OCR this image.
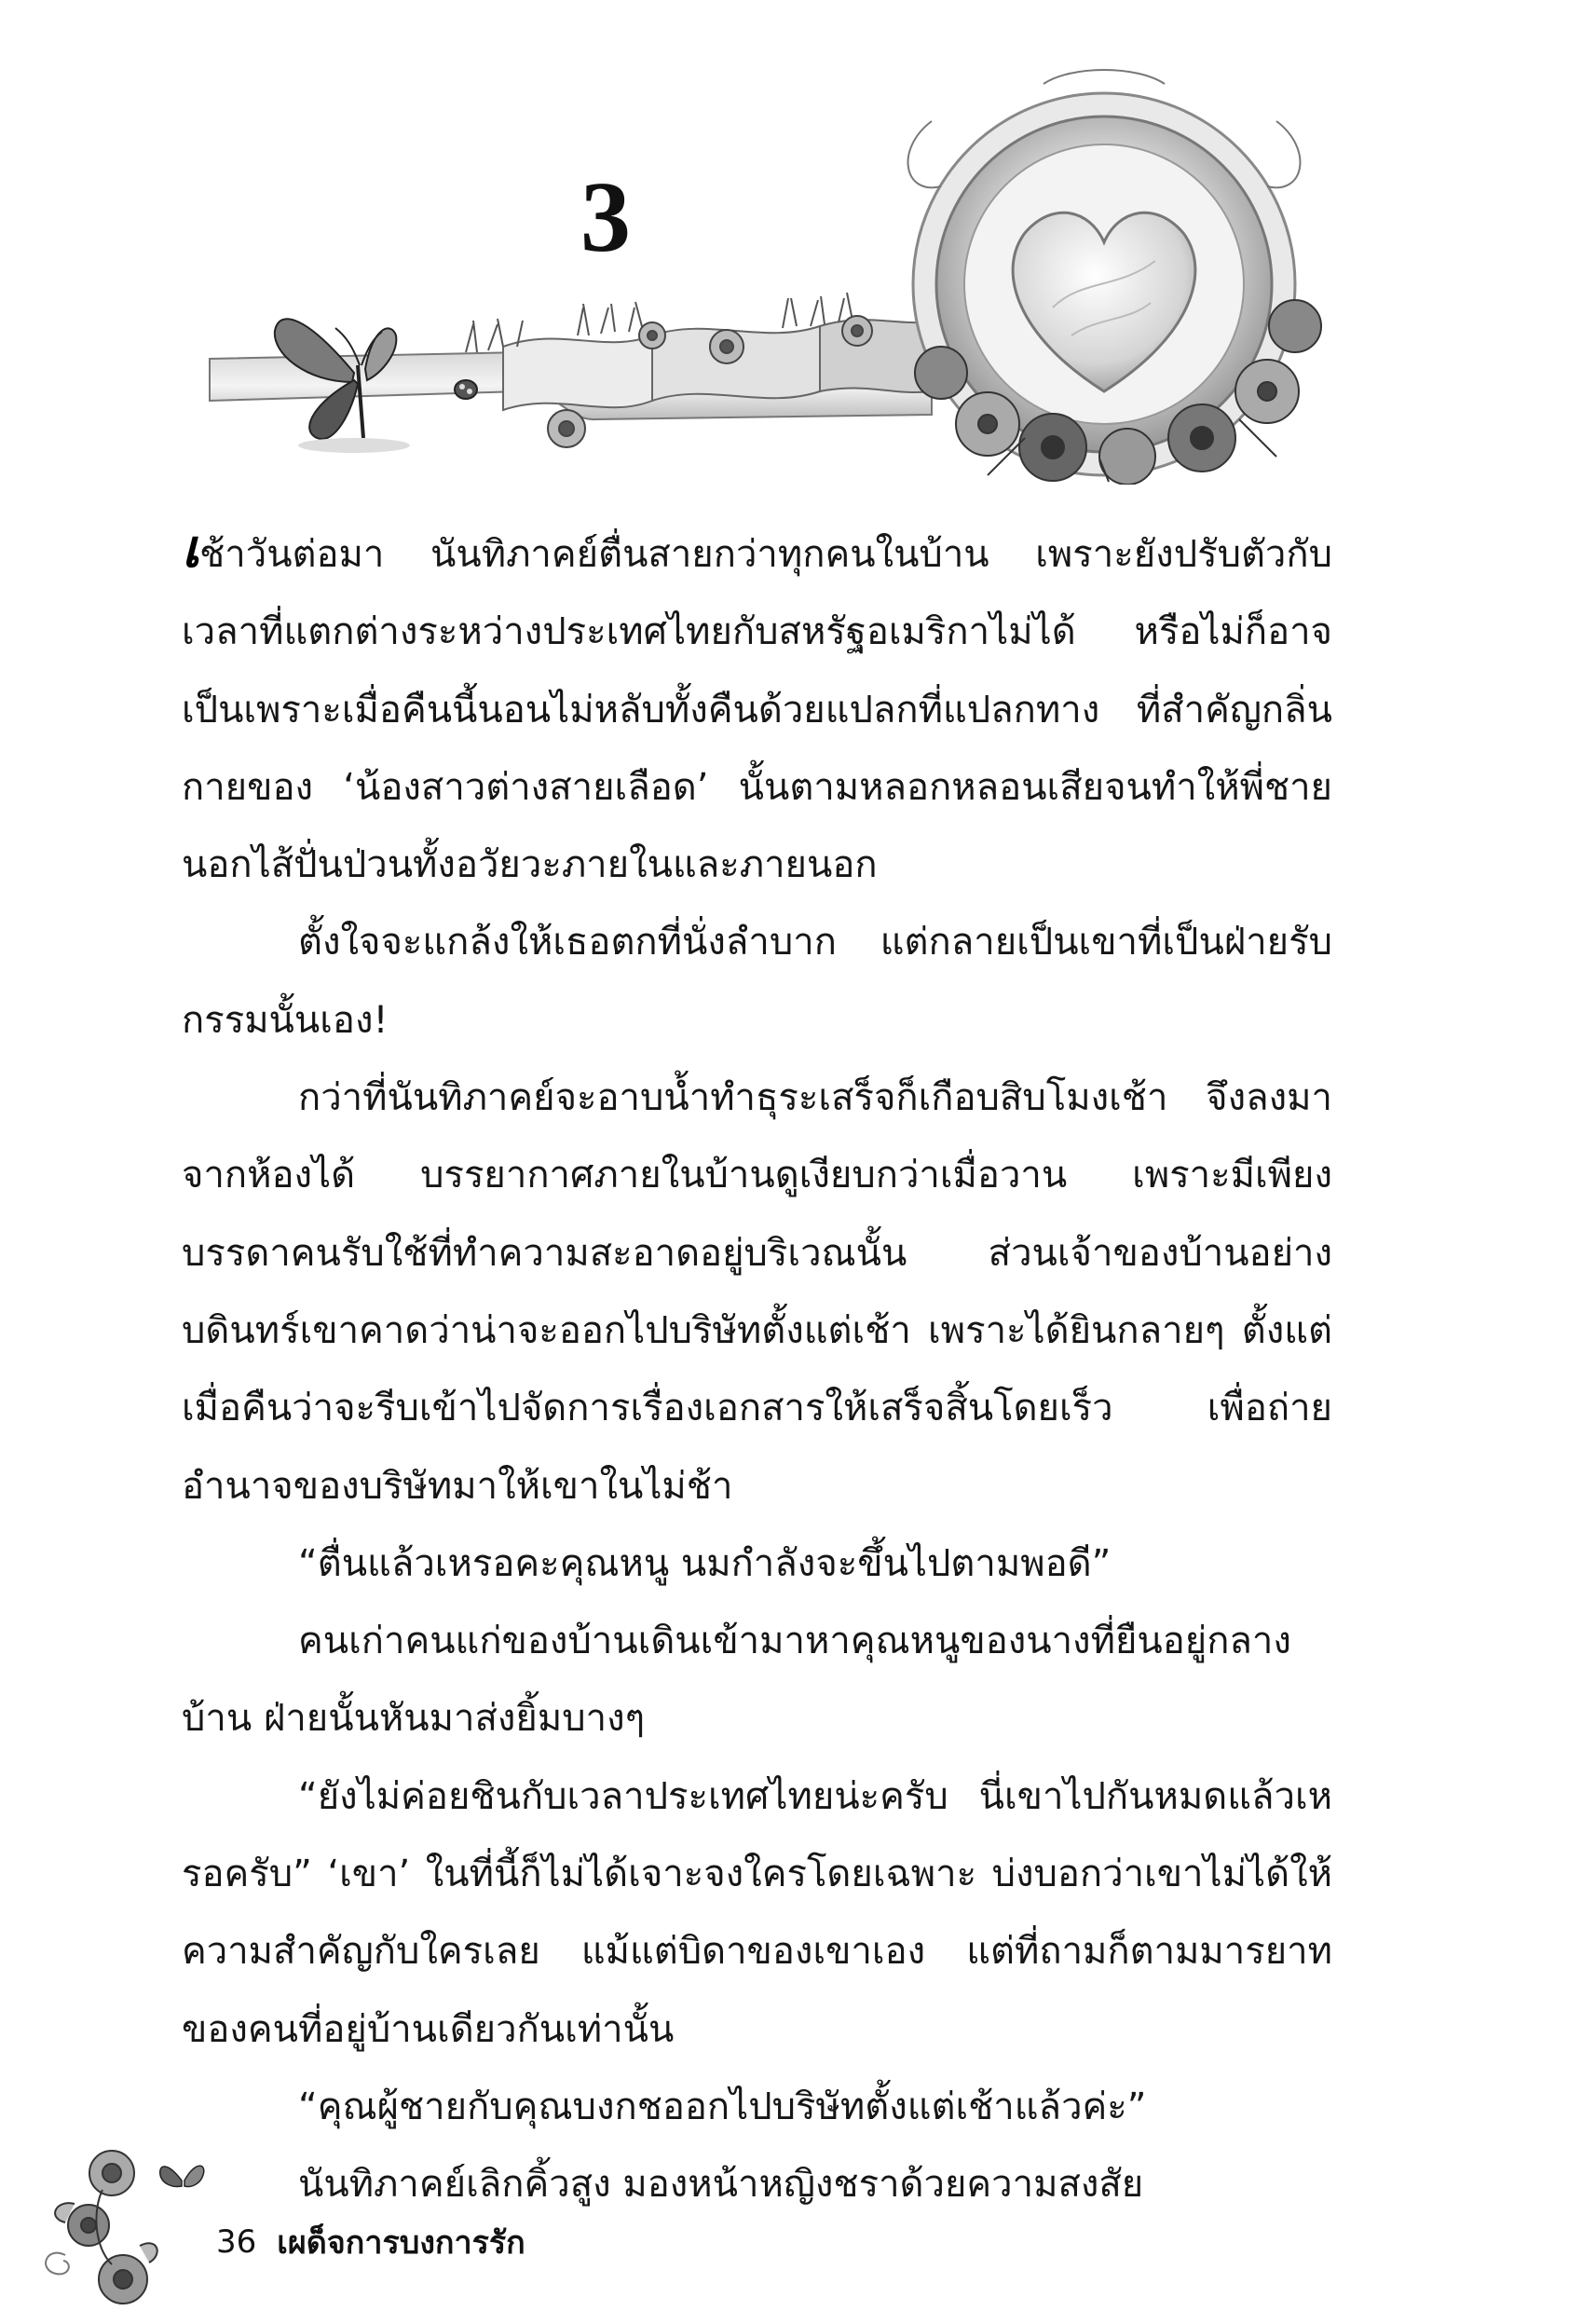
3

เช้าวันต่อมา นันทิภาคย์ตื่นสายกว่าทุกคนในบ้าน เพราะยังปรับตัวกับเวลาที่แตกต่างระหว่างประเทศไทยกับสหรัฐอเมริกาไม่ได้ หรือไม่ก็อาจเป็นเพราะเมื่อคืนนี้นอนไม่หลับทั้งคืนด้วยแปลกที่แปลกทาง ที่สำคัญกลิ่นกายของ ‘น้องสาวต่างสายเลือด’ นั้นตามหลอกหลอนเสียจนทำให้พี่ชายนอกไส้ปั่นป่วนทั้งอวัยวะภายในและภายนอก

ตั้งใจจะแกล้งให้เธอตกที่นั่งลำบาก แต่กลายเป็นเขาที่เป็นฝ่ายรับกรรมนั้นเอง!

กว่าที่นันทิภาคย์จะอาบน้ำทำธุระเสร็จก็เกือบสิบโมงเช้า จึงลงมาจากห้องได้ บรรยากาศภายในบ้านดูเงียบกว่าเมื่อวาน เพราะมีเพียงบรรดาคนรับใช้ที่ทำความสะอาดอยู่บริเวณนั้น ส่วนเจ้าของบ้านอย่างบดินทร์เขาคาดว่าน่าจะออกไปบริษัทตั้งแต่เช้า เพราะได้ยินกลายๆ ตั้งแต่เมื่อคืนว่าจะรีบเข้าไปจัดการเรื่องเอกสารให้เสร็จสิ้นโดยเร็ว เพื่อถ่ายอำนาจของบริษัทมาให้เขาในไม่ช้า

“ตื่นแล้วเหรอคะคุณหนู นมกำลังจะขึ้นไปตามพอดี”

คนเก่าคนแก่ของบ้านเดินเข้ามาหาคุณหนูของนางที่ยืนอยู่กลางบ้าน ฝ่ายนั้นหันมาส่งยิ้มบางๆ

“ยังไม่ค่อยชินกับเวลาประเทศไทยน่ะครับ นี่เขาไปกันหมดแล้วเหรอครับ” ‘เขา’ ในที่นี้ก็ไม่ได้เจาะจงใครโดยเฉพาะ บ่งบอกว่าเขาไม่ได้ให้ความสำคัญกับใครเลย แม้แต่บิดาของเขาเอง แต่ที่ถามก็ตามมารยาทของคนที่อยู่บ้านเดียวกันเท่านั้น

“คุณผู้ชายกับคุณบงกชออกไปบริษัทตั้งแต่เช้าแล้วค่ะ”

นันทิภาคย์เลิกคิ้วสูง มองหน้าหญิงชราด้วยความสงสัย

36 เผด็จการบงการรัก
